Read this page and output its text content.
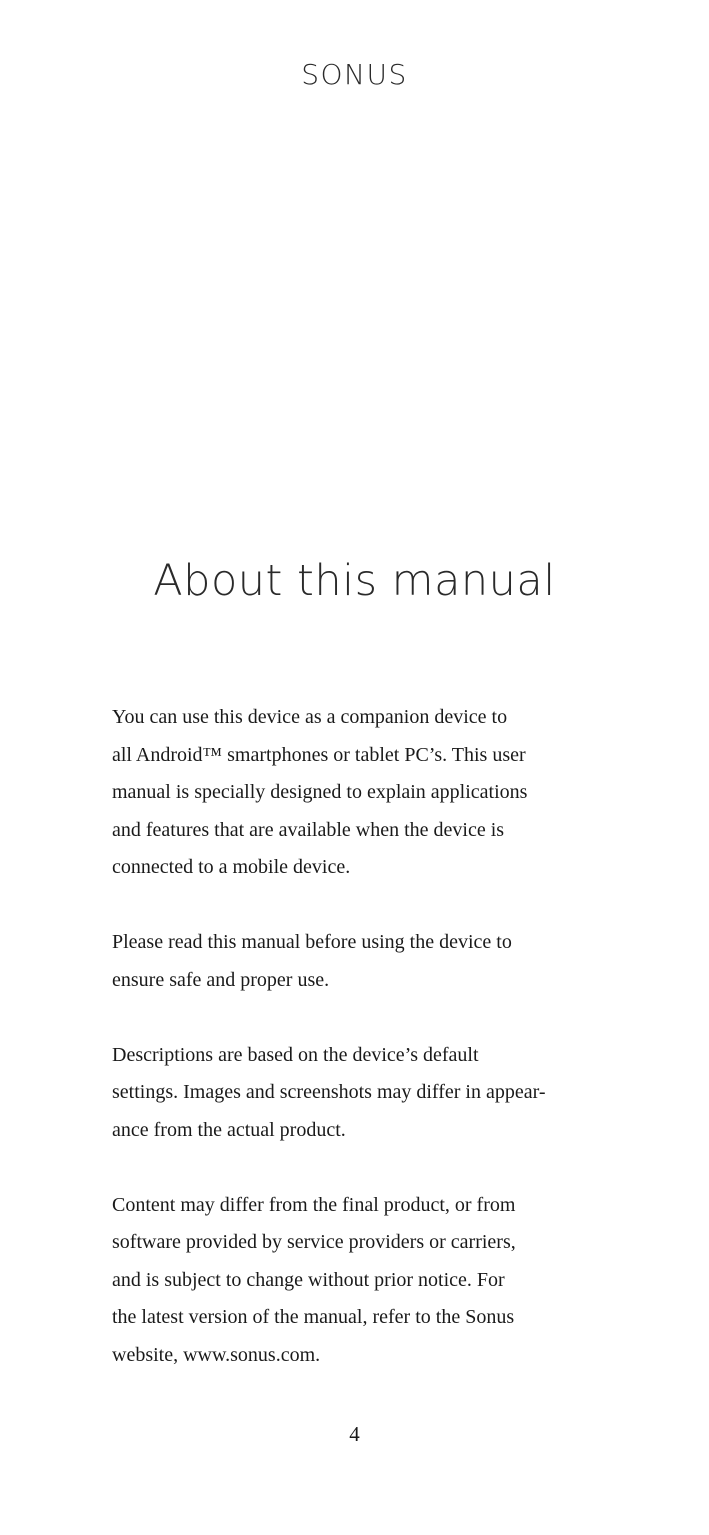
SONUS
About this manual

You can use this device as a companion device to
all Android™ smartphones or tablet PC’s. This user
manual is specially designed to explain applications
and features that are available when the device is
connected to a mobile device.

Please read this manual before using the device to
ensure safe and proper use.

Descriptions are based on the device’s default
settings. Images and screenshots may differ in appear-
ance from the actual product.

Content may differ from the final product, or from
software provided by service providers or carriers,
and is subject to change without prior notice. For
the latest version of the manual, refer to the Sonus
website, www.sonus.com.

4
